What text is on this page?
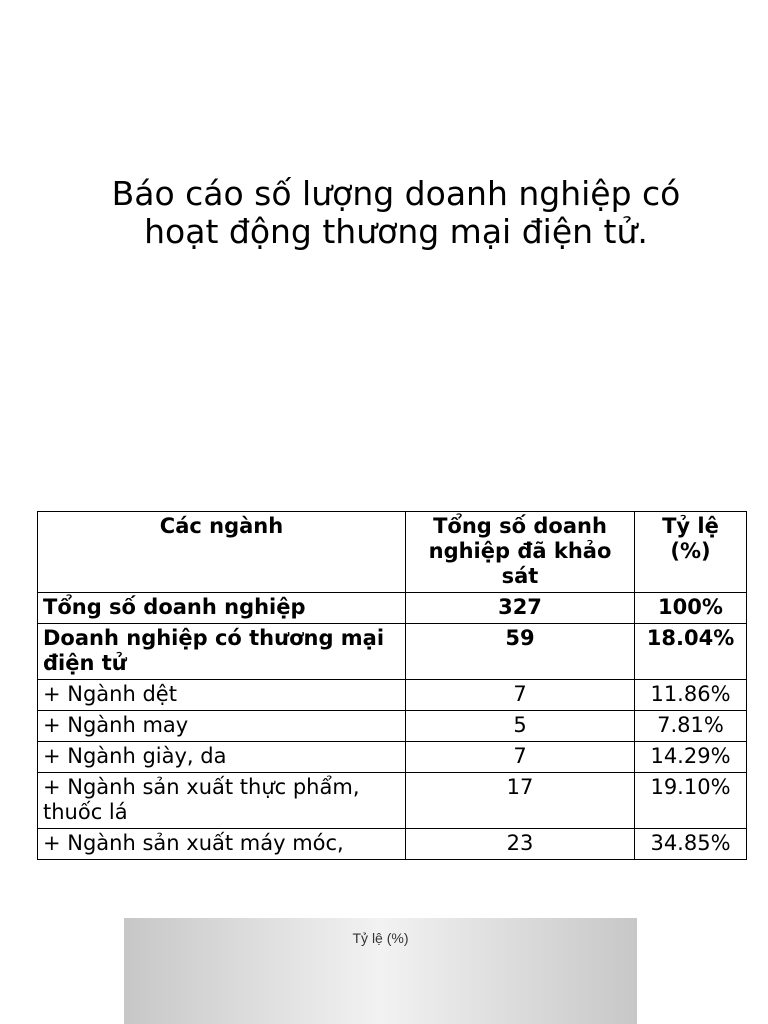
Báo cáo số lượng doanh nghiệp có
hoạt động thương mại điện tử.
Các ngành	Tổng số doanh nghiệp đã khảo sát	Tỷ lệ (%)
Tổng số doanh nghiệp	327	100%
Doanh nghiệp có thương mại điện tử	59	18.04%
+ Ngành dệt	7	11.86%
+ Ngành may	5	7.81%
+ Ngành giày, da	7	14.29%
+ Ngành sản xuất thực phẩm, thuốc lá	17	19.10%
+ Ngành sản xuất máy móc,	23	34.85%
Tỷ lệ (%)
